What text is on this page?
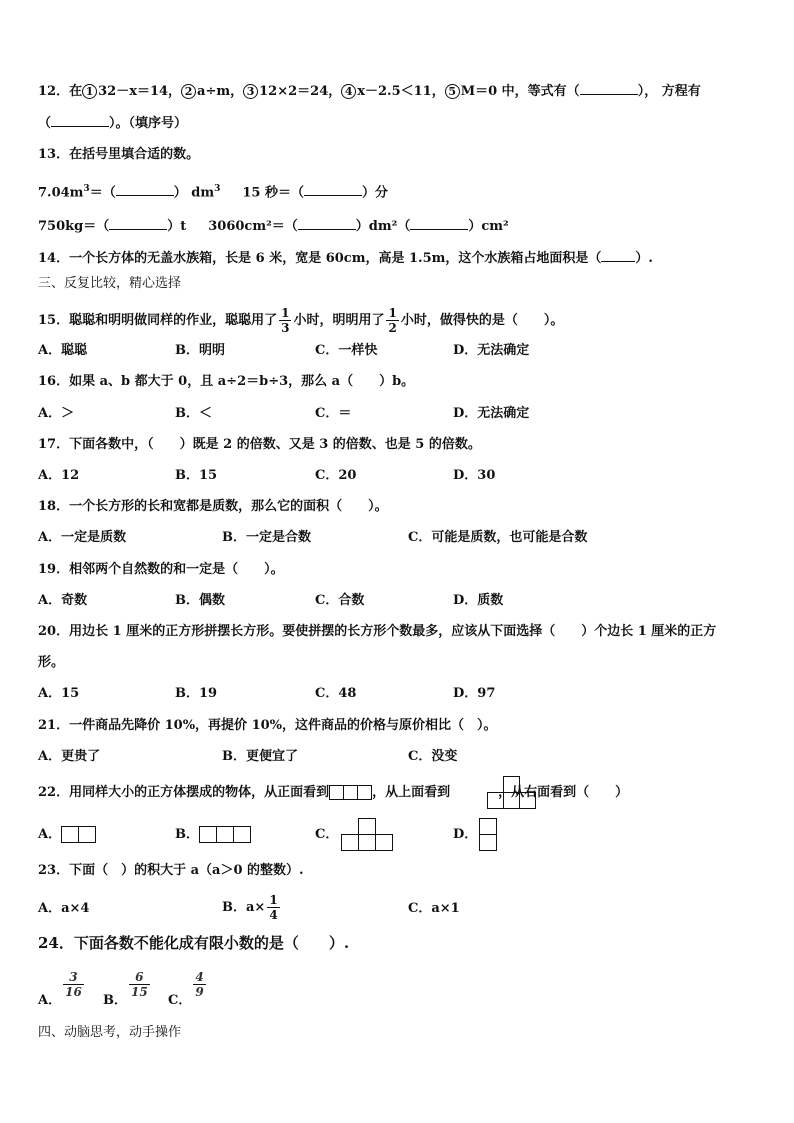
12．在 1 32－x＝14， 2 a÷m， 3 12×2＝24， 4 x－2.5＜11， 5 M＝0 中，等式有（	）， 方程有
（	）。（填序号）
13．在括号里填合适的数。
$7.04m^3=$（	） $dm^3$ 15 秒＝（	）分
750kg＝（	）t 3060cm²＝（	）dm²（	）cm²
14．一个长方体的无盖水族箱，长是 6 米，宽是 60cm，高是 1.5m，这个水族箱占地面积是（	）.
三、反复比较，精心选择
15．聪聪和明明做同样的作业，聪聪用了 $\frac{1}{3}$ 小时，明明用了 $\frac{1}{2}$ 小时，做得快的是（　　）。
A．聪聪	B．明明	C．一样快	D．无法确定
16．如果 a、b 都大于 0，且 a÷2＝b÷3，那么 a（　　）b。
A．＞	B．＜	C．＝	D．无法确定
17．下面各数中，（　　）既是 2 的倍数、又是 3 的倍数、也是 5 的倍数。
A．12	B．15	C．20	D．30
18．一个长方形的长和宽都是质数，那么它的面积（　　）。
A．一定是质数	B．一定是合数	C．可能是质数，也可能是合数
19．相邻两个自然数的和一定是（　　）。
A．奇数	B．偶数	C．合数	D．质数
20．用边长 1 厘米的正方形拼摆长方形。要使拼摆的长方形个数最多，应该从下面选择（　　）个边长 1 厘米的正方
形。
A．15	B．19	C．48	D．97
21．一件商品先降价 10%，再提价 10%，这件商品的价格与原价相比（　）。
A．更贵了	B．更便宜了	C．没变
22．用同样大小的正方体摆成的物体，从正面看到	，从上面看到	，从右面看到（　　）
A．	B．	C．	D．
23．下面（　）的积大于 a（a＞0 的整数）.
A．a×4	B．$a\times \frac{1}{4}$	C．a×1
24．下面各数不能化成有限小数的是（　　）.
A．
$\frac{3}{16}$
B．
$\frac{6}{15}$
C．
$\frac{4}{9}$
四、动脑思考，动手操作
